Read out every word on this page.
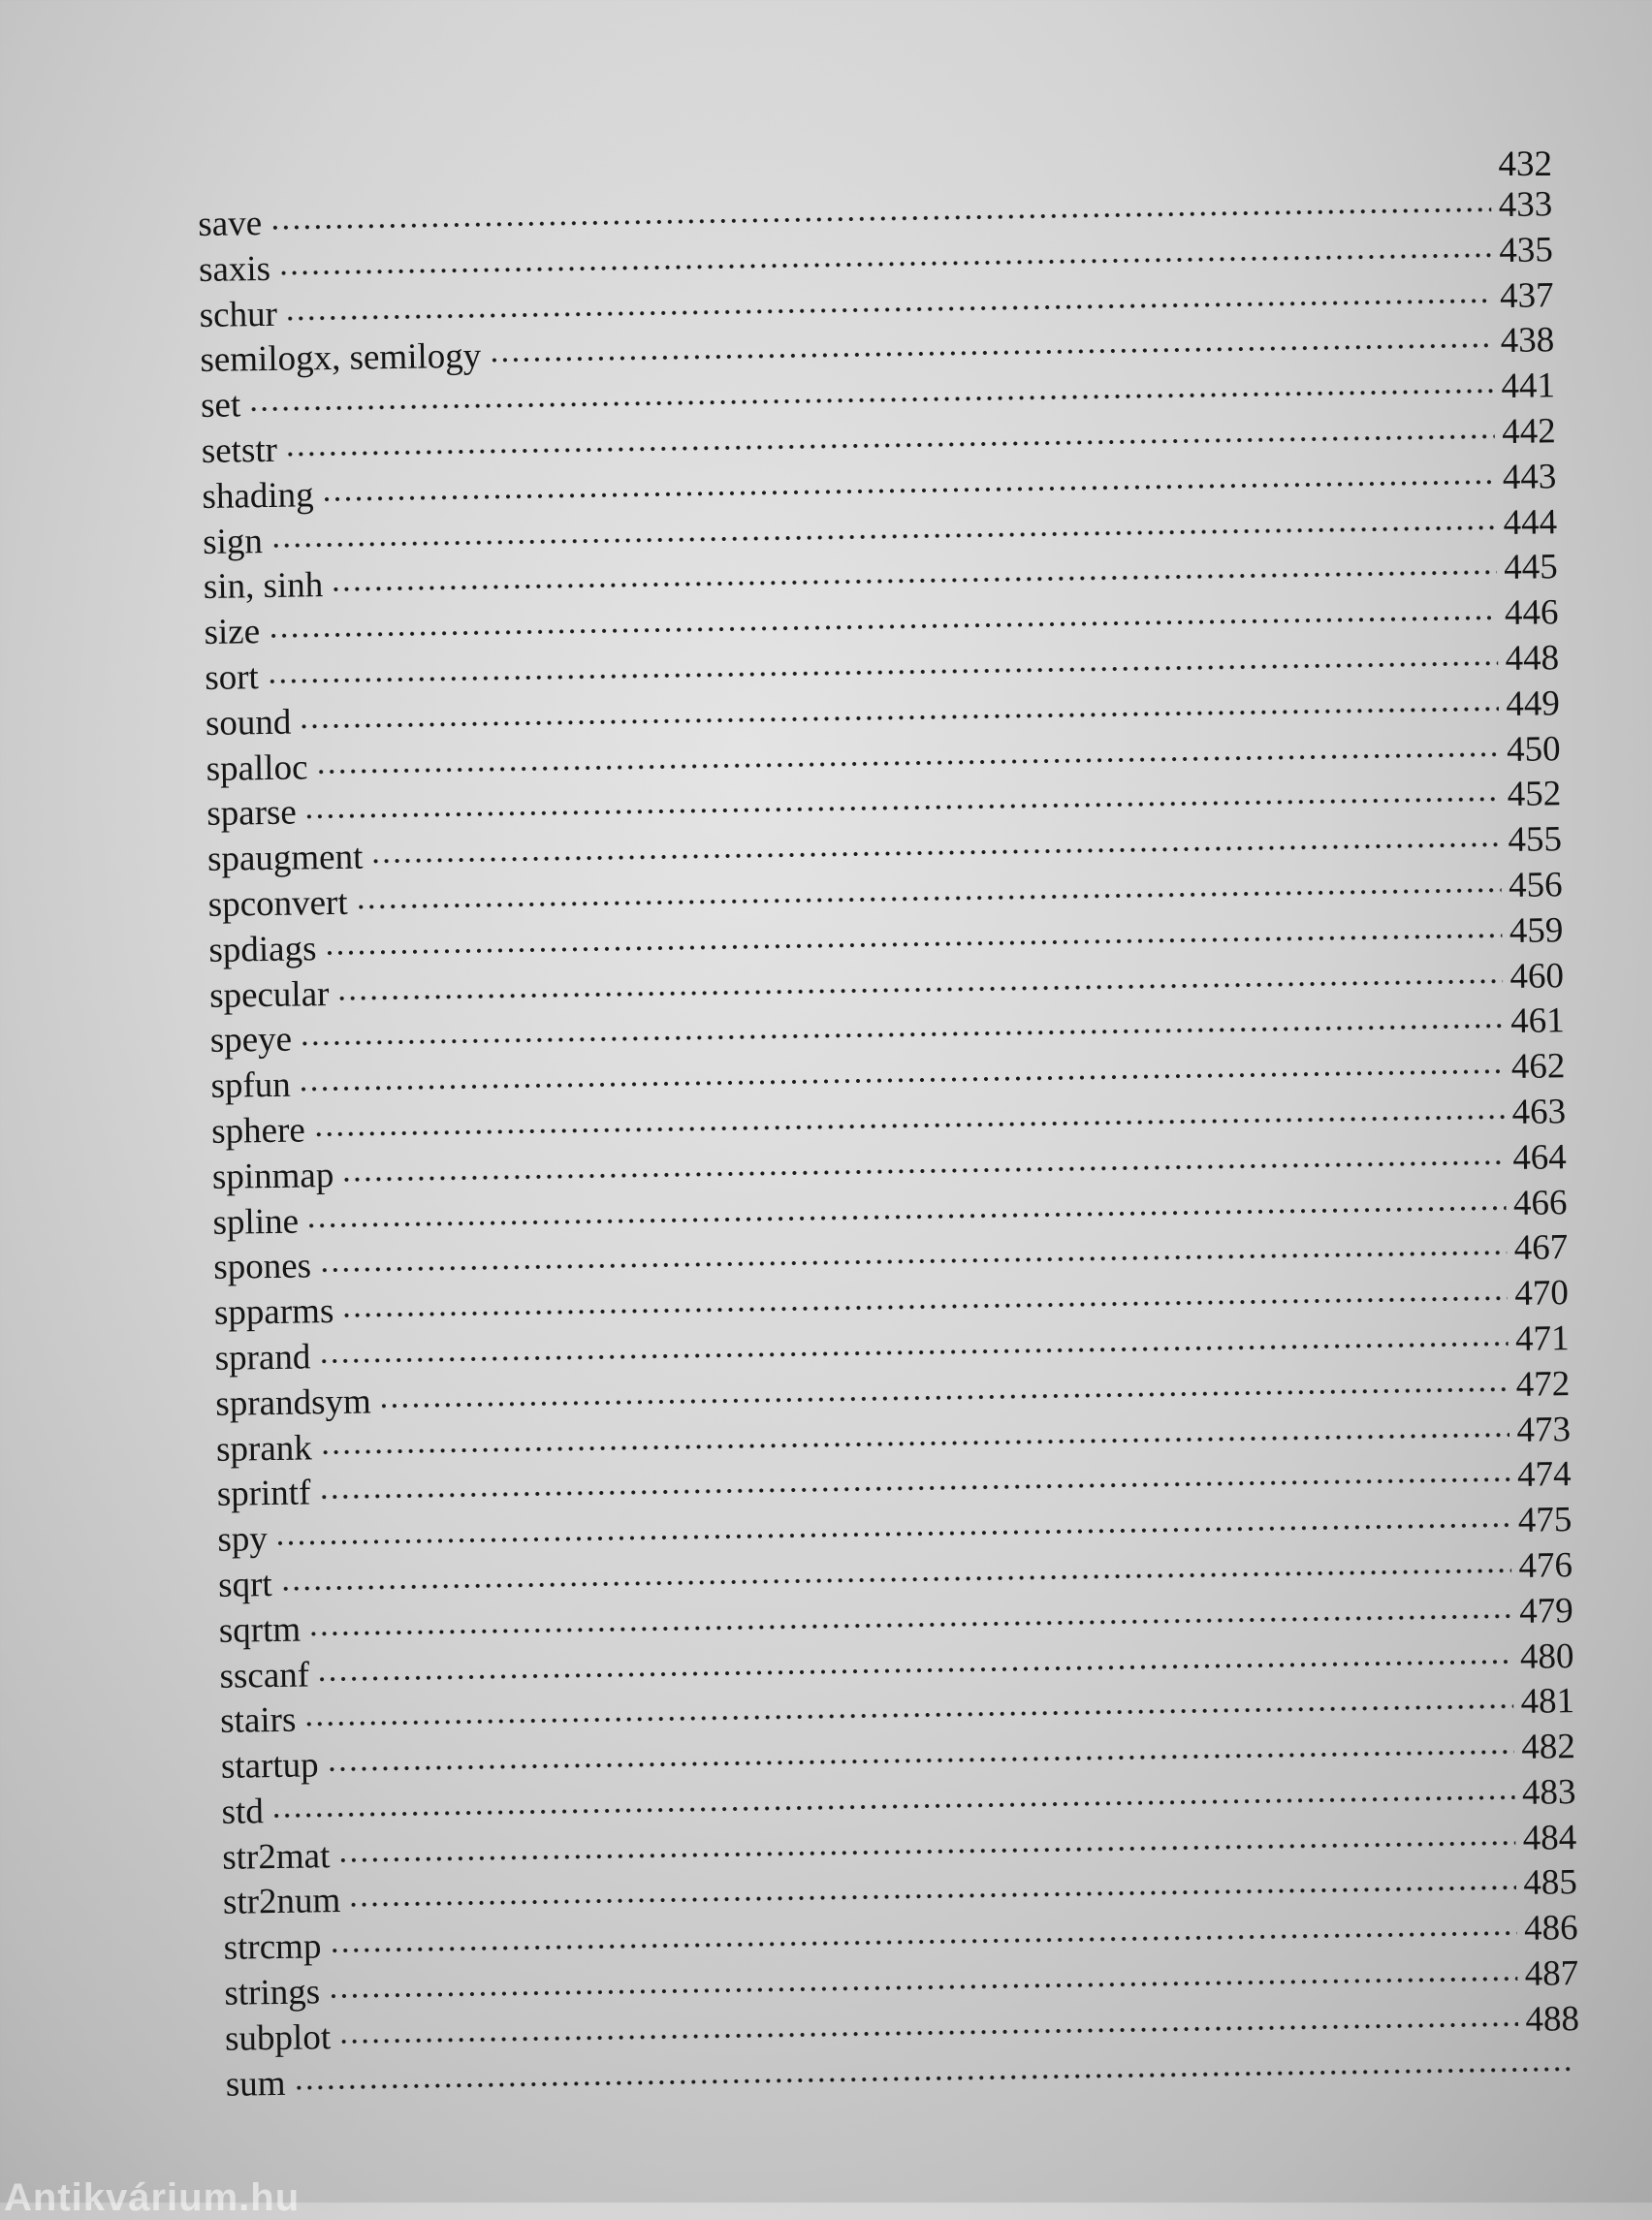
432
save	433
saxis	435
schur	437
semilogx, semilogy	438
set	441
setstr	442
shading	443
sign	444
sin, sinh	445
size	446
sort	448
sound	449
spalloc	450
sparse	452
spaugment	455
spconvert	456
spdiags	459
specular	460
speye	461
spfun	462
sphere	463
spinmap	464
spline	466
spones	467
spparms	470
sprand	471
sprandsym	472
sprank	473
sprintf	474
spy	475
sqrt	476
sqrtm	479
sscanf	480
stairs	481
startup	482
std	483
str2mat	484
str2num	485
strcmp	486
strings	487
subplot	488
sum
Antikvárium.hu
